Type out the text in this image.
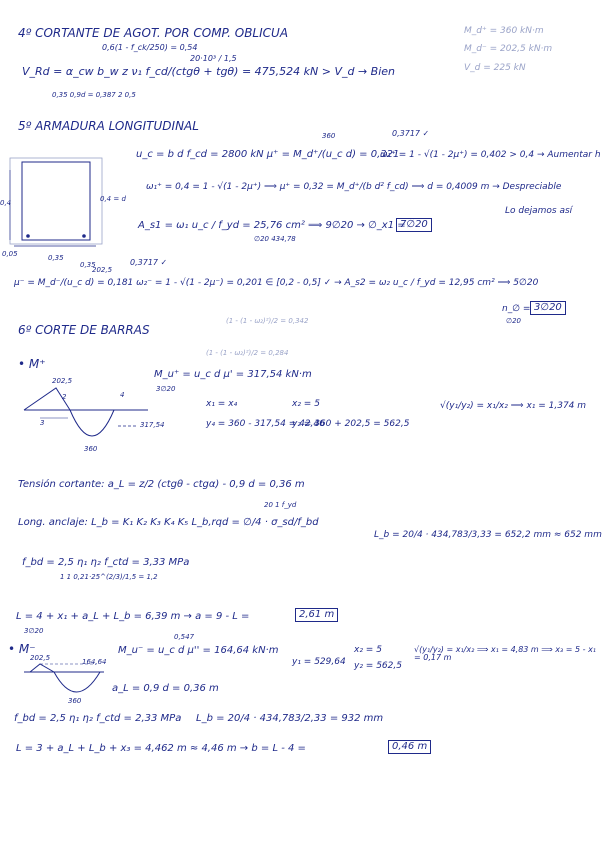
4º CORTANTE DE AGOT. POR COMP. OBLICUA
0,6(1 - f_ck/250) = 0,54
20·10³ / 1,5
V_Rd = α_cw b_w z ν₁ f_cd/(ctgθ + tgθ) = 475,524 kN > V_d → Bien
0,35 0,9d = 0,387 2 0,5
M_d⁺ = 360 kN·m
M_d⁻ = 202,5 kN·m
V_d = 225 kN
5º ARMADURA LONGITUDINAL
0,3717 ✓
360
u_c = b d f_cd = 2800 kN μ⁺ = M_d⁺/(u_c d) = 0,321
ω₁⁺ = 1 - √(1 - 2μ⁺) = 0,402 > 0,4 → Aumentar h
ω₁⁺ = 0,4 = 1 - √(1 - 2μ⁺) ⟹ μ⁺ = 0,32 = M_d⁺/(b d² f_cd) ⟹ d = 0,4009 m → Despreciable
Lo dejamos así
A_s1 = ω₁ u_c / f_yd = 25,76 cm² ⟹ 9∅20 → ∅_x1 =
7∅20
∅20 434,78
0,3717 ✓
μ⁻ = M_d⁻/(u_c d) = 0,181 ω₂⁻ = 1 - √(1 - 2μ⁻) = 0,201 ∈ [0,2 - 0,5] ✓ → A_s2 = ω₂ u_c / f_yd = 12,95 cm² ⟹ 5∅20
n_∅ = 3∅20
∅20
0,4	0,4 = d
0,05	0,35
0,35
202,5
6º CORTE DE BARRAS
(1 - (1 - ω₂)²)/2 = 0,342
(1 - (1 - ω₂)²)/2 = 0,284
• M⁺
M_u⁺ = u_c d μ' = 317,54 kN·m
3∅20
202,5
2	4
3
360
317,54
x₁ = x₄
y₄ = 360 - 317,54 = 42,46
x₂ = 5
y₂ = 360 + 202,5 = 562,5
√(y₁/y₂) = x₁/x₂ ⟹ x₁ = 1,374 m
Tensión cortante: a_L = z/2 (ctgθ - ctgα) - 0,9 d = 0,36 m
20 1 f_yd
Long. anclaje: L_b = K₁ K₂ K₃ K₄ K₅ L_b,rqd = ∅/4 · σ_sd/f_bd
L_b = 20/4 · 434,783/3,33 = 652,2 mm ≈ 652 mm
f_bd = 2,5 η₁ η₂ f_ctd = 3,33 MPa
1 1 0,21·25^(2/3)/1,5 = 1,2
L = 4 + x₁ + a_L + L_b = 6,39 m → a = 9 - L =	2,61 m
3∅20
• M⁻
0,547
M_u⁻ = u_c d μ'' = 164,64 kN·m
202,5	164,64
360
y₁ = 529,64
x₂ = 5
y₂ = 562,5
√(y₁/y₂) = x₁/x₂ ⟹ x₁ = 4,83 m ⟹ x₃ = 5 - x₁ = 0,17 m
a_L = 0,9 d = 0,36 m
f_bd = 2,5 η₁ η₂ f_ctd = 2,33 MPa L_b = 20/4 · 434,783/2,33 = 932 mm
L = 3 + a_L + L_b + x₃ = 4,462 m ≈ 4,46 m → b = L - 4 =	0,46 m
